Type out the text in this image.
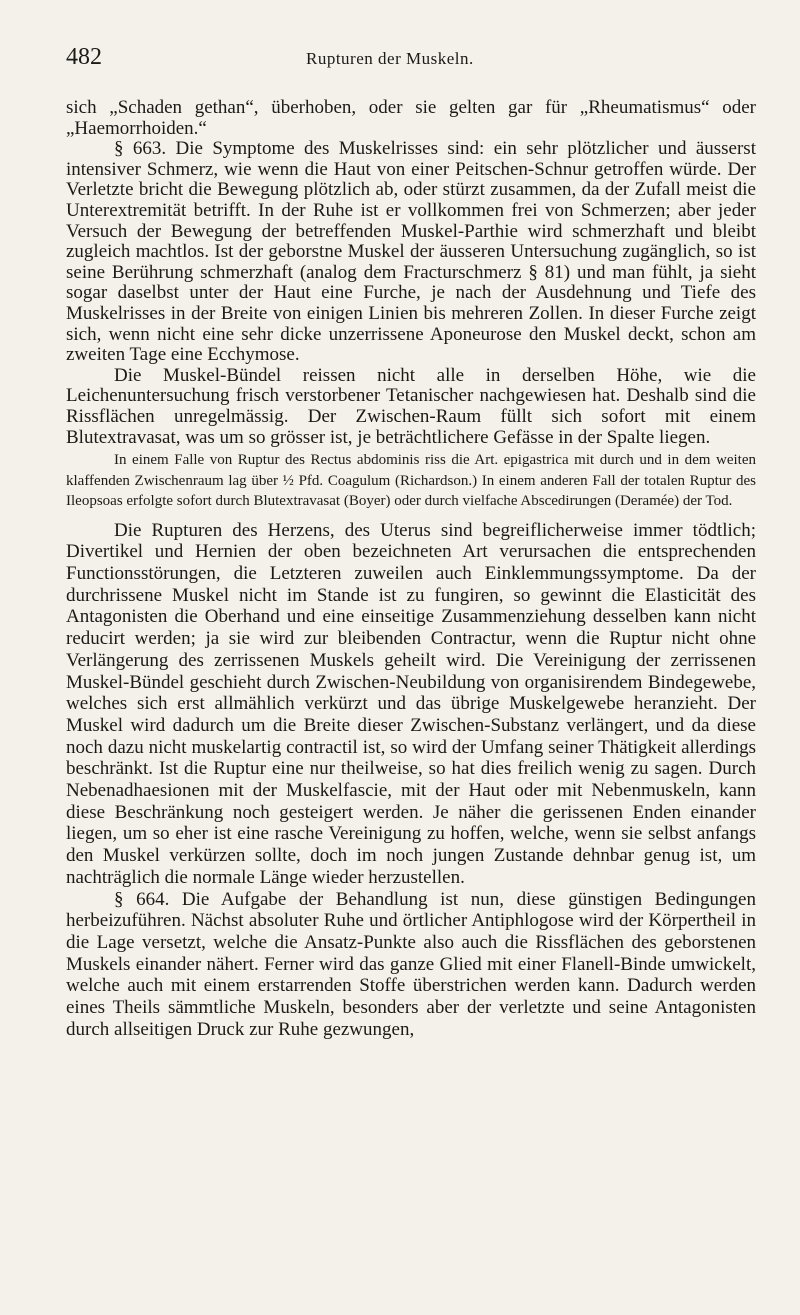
482	Rupturen der Muskeln.

sich „Schaden gethan“, überhoben, oder sie gelten gar für „Rheumatismus“ oder „Haemorrhoiden.“

§ 663. Die Symptome des Muskelrisses sind: ein sehr plötzlicher und äusserst intensiver Schmerz, wie wenn die Haut von einer Peitschen-Schnur getroffen würde. Der Verletzte bricht die Bewegung plötzlich ab, oder stürzt zusammen, da der Zufall meist die Unterextremität betrifft. In der Ruhe ist er vollkommen frei von Schmerzen; aber jeder Versuch der Bewegung der betreffenden Muskel-Parthie wird schmerzhaft und bleibt zugleich machtlos. Ist der geborstne Muskel der äusseren Untersuchung zugänglich, so ist seine Berührung schmerzhaft (analog dem Fracturschmerz § 81) und man fühlt, ja sieht sogar daselbst unter der Haut eine Furche, je nach der Ausdehnung und Tiefe des Muskelrisses in der Breite von einigen Linien bis mehreren Zollen. In dieser Furche zeigt sich, wenn nicht eine sehr dicke unzerrissene Aponeurose den Muskel deckt, schon am zweiten Tage eine Ecchymose.

Die Muskel-Bündel reissen nicht alle in derselben Höhe, wie die Leichenuntersuchung frisch verstorbener Tetanischer nachgewiesen hat. Deshalb sind die Rissflächen unregelmässig. Der Zwischen-Raum füllt sich sofort mit einem Blutextravasat, was um so grösser ist, je beträchtlichere Gefässe in der Spalte liegen.

In einem Falle von Ruptur des Rectus abdominis riss die Art. epigastrica mit durch und in dem weiten klaffenden Zwischenraum lag über ½ Pfd. Coagulum (Richardson.) In einem anderen Fall der totalen Ruptur des Ileopsoas erfolgte sofort durch Blutextravasat (Boyer) oder durch vielfache Abscedirungen (Deramée) der Tod.

Die Rupturen des Herzens, des Uterus sind begreiflicherweise immer tödtlich; Divertikel und Hernien der oben bezeichneten Art verursachen die entsprechenden Functionsstörungen, die Letzteren zuweilen auch Einklemmungssymptome. Da der durchrissene Muskel nicht im Stande ist zu fungiren, so gewinnt die Elasticität des Antagonisten die Oberhand und eine einseitige Zusammenziehung desselben kann nicht reducirt werden; ja sie wird zur bleibenden Contractur, wenn die Ruptur nicht ohne Verlängerung des zerrissenen Muskels geheilt wird. Die Vereinigung der zerrissenen Muskel-Bündel geschieht durch Zwischen-Neubildung von organisirendem Bindegewebe, welches sich erst allmählich verkürzt und das übrige Muskelgewebe heranzieht. Der Muskel wird dadurch um die Breite dieser Zwischen-Substanz verlängert, und da diese noch dazu nicht muskelartig contractil ist, so wird der Umfang seiner Thätigkeit allerdings beschränkt. Ist die Ruptur eine nur theilweise, so hat dies freilich wenig zu sagen. Durch Nebenadhaesionen mit der Muskelfascie, mit der Haut oder mit Nebenmuskeln, kann diese Beschränkung noch gesteigert werden. Je näher die gerissenen Enden einander liegen, um so eher ist eine rasche Vereinigung zu hoffen, welche, wenn sie selbst anfangs den Muskel verkürzen sollte, doch im noch jungen Zustande dehnbar genug ist, um nachträglich die normale Länge wieder herzustellen.

§ 664. Die Aufgabe der Behandlung ist nun, diese günstigen Bedingungen herbeizuführen. Nächst absoluter Ruhe und örtlicher Antiphlogose wird der Körpertheil in die Lage versetzt, welche die Ansatz-Punkte also auch die Rissflächen des geborstenen Muskels einander nähert. Ferner wird das ganze Glied mit einer Flanell-Binde umwickelt, welche auch mit einem erstarrenden Stoffe überstrichen werden kann. Dadurch werden eines Theils sämmtliche Muskeln, besonders aber der verletzte und seine Antagonisten durch allseitigen Druck zur Ruhe gezwungen,
